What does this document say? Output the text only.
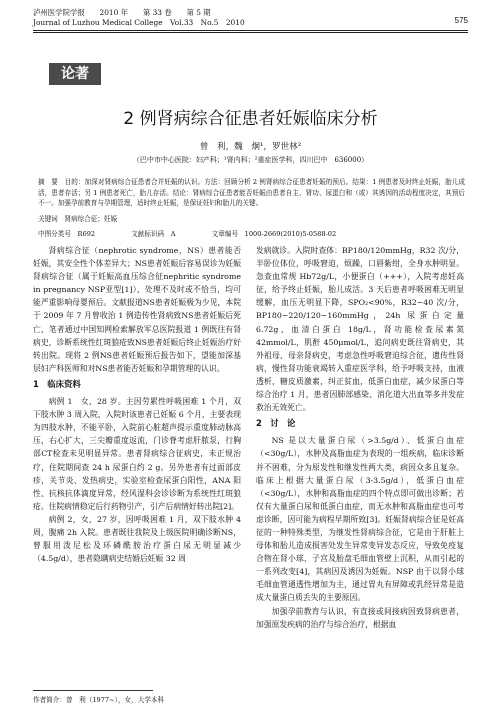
泸州医学院学报　　2010 年　　第 33 卷　　第 5 期
Journal of Luzhou Medical College　Vol.33　No.5　2010	575
论著
2 例肾病综合征患者妊娠临床分析
曾　利，魏　炯¹，罗世林²
（巴中市中心医院：妇产科；¹肾内科；²重症医学科，四川巴中　636000）

摘　要　目的：加深对肾病综合征患者合并妊娠的认识。方法：回顾分析 2 例肾病综合征患者妊娠的预后。结果：1 例患者及时终止妊娠，胎儿成活，患者存活；另 1 例患者死亡，胎儿存活。结论：肾病综合征患者能否妊娠由患者自主、肾功、尿蛋白和（或）其诱因的活动程度决定，其预后不一。加强孕前教育与孕期管理，适时终止妊娠，是保证妊妇和胎儿的关键。

关键词　肾病综合征；妊娠
中图分类号　R692	文献标识码　A	文章编号　1000-2669(2010)5-0588-02

肾病综合征（nephrotic syndrome，NS）患者能否妊娠，其安全性个体差异大；NS患者妊娠后容易误诊为妊娠肾病综合征（属于妊娠高血压综合征nephritic syndrome in pregnancy NSP亚型[1]），处理不及时或不恰当，均可能严重影响母婴预后。文献报道NS患者妊娠极为少见，本院于 2009 年 7 月曾收治 1 例造传性肾病致NS患者妊娠后死亡，笔者通过中国知网检索解放军总医院报道 1 例既往有肾病史，诊断系统性红斑狼疮致NS患者妊娠后终止妊娠治疗好转出院。现将 2 例NS患者妊娠预后报告如下，望能加深基层妇产科医师和对NS患者能否妊娠和孕期管理的认识。

1　临床资料

病例 1　女，28 岁。主因劳累性呼吸困难 1 个月，双下肢水肿 3 周入院，入院时该患者已妊娠 6 个月，主要表现为四肢水肿，不能平卧，入院前心脏超声提示重度肺动脉高压，右心扩大，三尖瓣重度返流，门诊脊考虑肝脓泵，行胸部CT检查未见明显异常。患者肾病综合征病史，未正规治疗，住院期间查 24 h 尿蛋白约 2 g。另外患者有过面部皮疹，关节炎、发热病史，实验室检查尿蛋白阳性，ANA 阳性、抗核抗体滴度异常，经风湿科会诊诊断为系统性红斑狼疮。住院病情稳定后行药物引产，引产后病情好转出院[2]。

病例 2，女，27 岁，因呼吸困难 1 月，双下肢水肿 4 周，腹痛 2h 入院。患者既往我院及上级医院明确诊断NS，曾服用泼尼松及环磷酰胺治疗蛋白尿无明显减少（4.5g/d），患者隐瞒病史结婚后妊娠 32 周

发病就诊。入院时查体：BP180/120mmHg，R32 次/分，半卧位体位，呼吸窘迫，烦躁，口唇紫绀，全身水肿明显。急查血常规 Hb72g/L，小便蛋白（+++），入院考虑妊高征，给予终止妊娠，胎儿成活。3 天后患者呼吸困难无明显缓解，血压无明显下降，SPO₂<90%，R32~40 次/分，BP180~220/120~160mmHg，24h 尿蛋白定量 6.72g，血清白蛋白 18g/L，肾功能检查尿素氮 42mmol/L，肌酐 450μmol/L，追问病史既往肾病史，其外祖母、母亲肾病史，考虑急性呼吸窘迫综合征，遗传性肾病，慢性肾功能衰竭转入重症医学科，给予呼吸支持，血液透析，糖皮质激素，纠正贫血，低蛋白血症，减少尿蛋白等综合治疗 1 月，患者因肺部感染、消化道大出血等多并发症救治无效死亡。

2　讨　论

NS 是以大量蛋白尿（>3.5g/d）、低蛋白血症（<30g/L），水肿及高脂血症为表现的一组疾病，临床诊断并不困难，分为原发性和继发性两大类，病因众多且复杂。临床上根据大量蛋白尿（3-3.5g/d），低蛋白血症（<30g/L），水肿和高脂血症的四个特点即可做出诊断；若仅有大量蛋白尿和低蛋白血症，而无水肿和高脂血症也可考虑诊断，因可能为病程早期所致[3]。妊娠肾病综合征是妊高征的一种特殊类型，为继发性肾病综合征，它是由于肝脏上母体和胎儿造成损害处发生异常变异发态反应，导致免疫复合物在肾小球、子宫及胎盘毛细血管壁上沉积，从而引起的一系列改变[4]，其病因及诱因为妊娠。NSP 由于以肾小球毛细血管通透性增加为主，通过胃丸有屏障或乳经异常是造成大量蛋白质丢失的主要原因。

加强孕前教育与认识，有直接或间接病因致肾病患者，加强原发疾病的治疗与综合治疗，根据血

作者简介：曾　利（1977~），女，大学本科
